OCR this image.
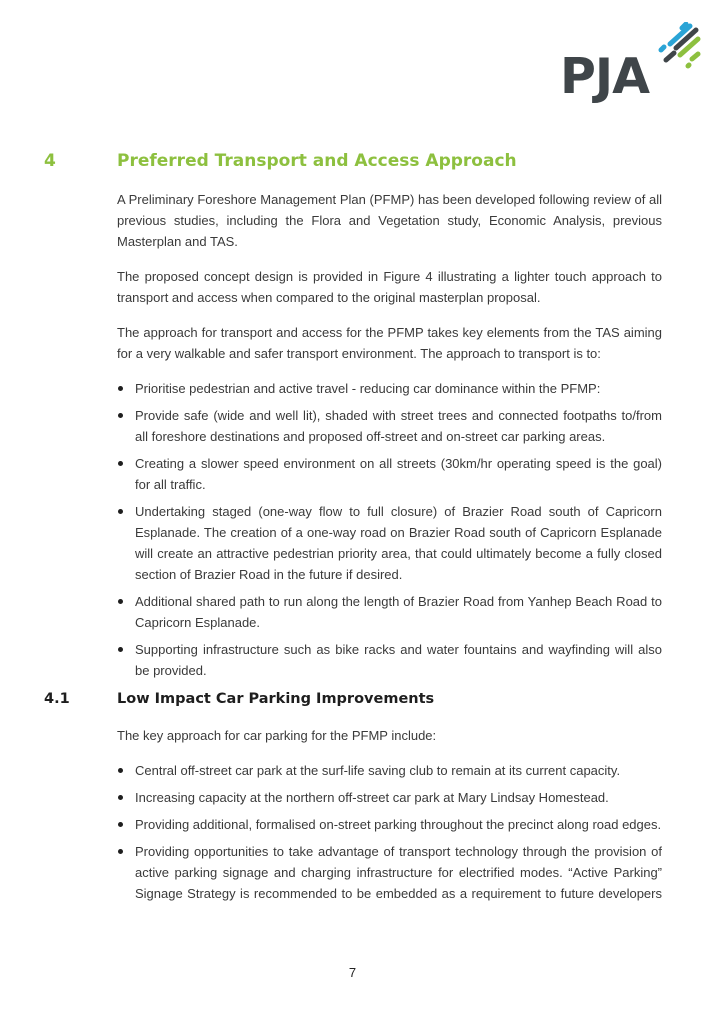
PJA
4	Preferred Transport and Access Approach

A Preliminary Foreshore Management Plan (PFMP) has been developed following review of all previous studies, including the Flora and Vegetation study, Economic Analysis, previous Masterplan and TAS.

The proposed concept design is provided in Figure 4 illustrating a lighter touch approach to transport and access when compared to the original masterplan proposal.

The approach for transport and access for the PFMP takes key elements from the TAS aiming for a very walkable and safer transport environment. The approach to transport is to:

Prioritise pedestrian and active travel - reducing car dominance within the PFMP:
Provide safe (wide and well lit), shaded with street trees and connected footpaths to/from all foreshore destinations and proposed off-street and on-street car parking areas.
Creating a slower speed environment on all streets (30km/hr operating speed is the goal) for all traffic.
Undertaking staged (one-way flow to full closure) of Brazier Road south of Capricorn Esplanade. The creation of a one-way road on Brazier Road south of Capricorn Esplanade will create an attractive pedestrian priority area, that could ultimately become a fully closed section of Brazier Road in the future if desired.
Additional shared path to run along the length of Brazier Road from Yanhep Beach Road to Capricorn Esplanade.
Supporting infrastructure such as bike racks and water fountains and wayfinding will also be provided.
4.1	Low Impact Car Parking Improvements

The key approach for car parking for the PFMP include:

Central off-street car park at the surf-life saving club to remain at its current capacity.
Increasing capacity at the northern off-street car park at Mary Lindsay Homestead.
Providing additional, formalised on-street parking throughout the precinct along road edges.
Providing opportunities to take advantage of transport technology through the provision of active parking signage and charging infrastructure for electrified modes. “Active Parking” Signage Strategy is recommended to be embedded as a requirement to future developers
7
